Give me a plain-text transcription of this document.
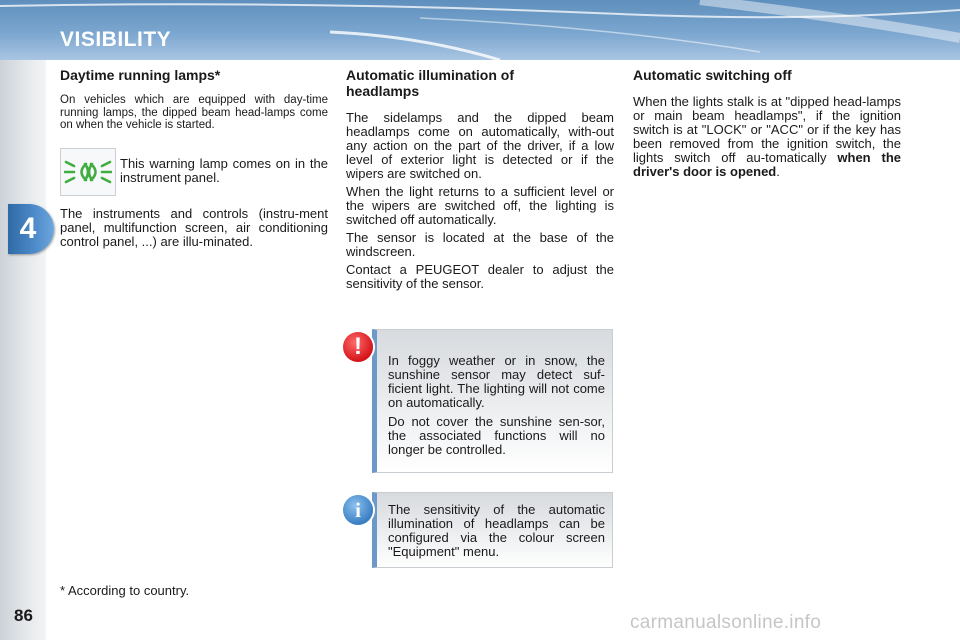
VISIBILITY
4
86
Daytime running lamps*

On vehicles which are equipped with day-time running lamps, the dipped beam head-lamps come on when the vehicle is started.

This warning lamp comes on in the instrument panel.

The instruments and controls (instru-ment panel, multifunction screen, air conditioning control panel, ...) are illu-minated.

Automatic illumination of headlamps

The sidelamps and the dipped beam headlamps come on automatically, with-out any action on the part of the driver, if a low level of exterior light is detected or if the wipers are switched on.

When the light returns to a sufficient level or the wipers are switched off, the lighting is switched off automatically.

The sensor is located at the base of the windscreen.

Contact a PEUGEOT dealer to adjust the sensitivity of the sensor.

Automatic switching off

When the lights stalk is at "dipped head-lamps or main beam headlamps", if the ignition switch is at "LOCK" or "ACC" or if the key has been removed from the ignition switch, the lights switch off au-tomatically when the driver's door is opened.

In foggy weather or in snow, the sunshine sensor may detect suf-ficient light. The lighting will not come on automatically.

Do not cover the sunshine sen-sor, the associated functions will no longer be controlled.

!

The sensitivity of the automatic illumination of headlamps can be configured via the colour screen "Equipment" menu.

i
* According to country.
carmanualsonline.info
